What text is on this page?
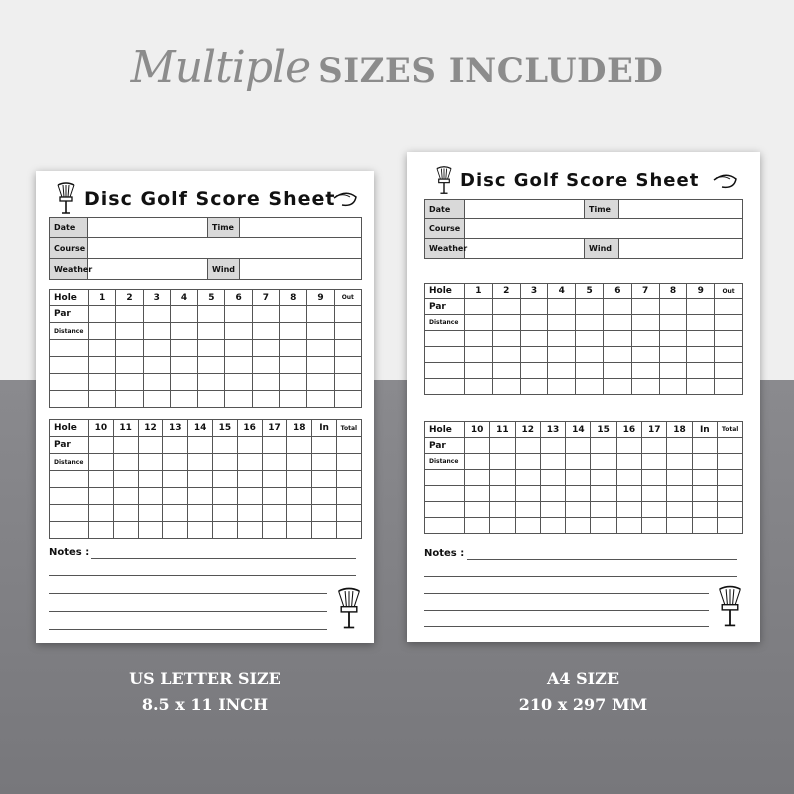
Multiple SIZES INCLUDED
Disc Golf Score Sheet
Date		Time	
Course			
Weather		Wind	
Hole	1	2	3	4	5	6	7	8	9	Out
Par										
Distance										

Hole	10	11	12	13	14	15	16	17	18	In	Total
Par											
Distance											

Notes :
Disc Golf Score Sheet
Date		Time	
Course			
Weather		Wind	
Hole	1	2	3	4	5	6	7	8	9	Out
Par										
Distance										

Hole	10	11	12	13	14	15	16	17	18	In	Total
Par											
Distance											

Notes :
US LETTER SIZE
8.5 x 11 INCH
A4 SIZE
210 x 297 MM
